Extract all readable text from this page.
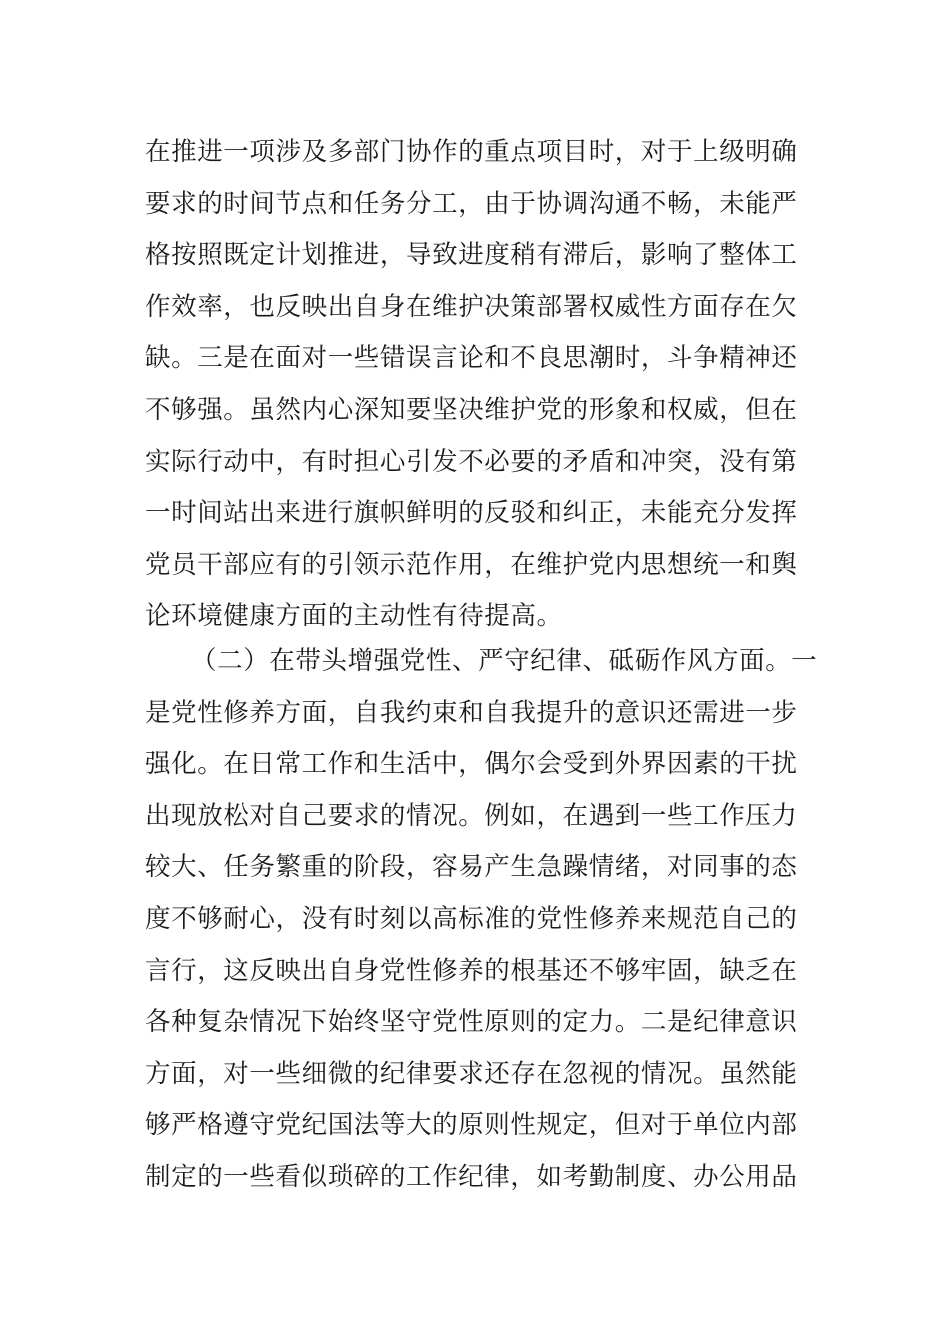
在推进一项涉及多部门协作的重点项目时，对于上级明确
要求的时间节点和任务分工，由于协调沟通不畅，未能严
格按照既定计划推进，导致进度稍有滞后，影响了整体工
作效率，也反映出自身在维护决策部署权威性方面存在欠
缺。三是在面对一些错误言论和不良思潮时，斗争精神还
不够强。虽然内心深知要坚决维护党的形象和权威，但在
实际行动中，有时担心引发不必要的矛盾和冲突，没有第
一时间站出来进行旗帜鲜明的反驳和纠正，未能充分发挥
党员干部应有的引领示范作用，在维护党内思想统一和舆
论环境健康方面的主动性有待提高。

（二）在带头增强党性、严守纪律、砥砺作风方面。一
是党性修养方面，自我约束和自我提升的意识还需进一步
强化。在日常工作和生活中，偶尔会受到外界因素的干扰
出现放松对自己要求的情况。例如，在遇到一些工作压力
较大、任务繁重的阶段，容易产生急躁情绪，对同事的态
度不够耐心，没有时刻以高标准的党性修养来规范自己的
言行，这反映出自身党性修养的根基还不够牢固，缺乏在
各种复杂情况下始终坚守党性原则的定力。二是纪律意识
方面，对一些细微的纪律要求还存在忽视的情况。虽然能
够严格遵守党纪国法等大的原则性规定，但对于单位内部
制定的一些看似琐碎的工作纪律，如考勤制度、办公用品
